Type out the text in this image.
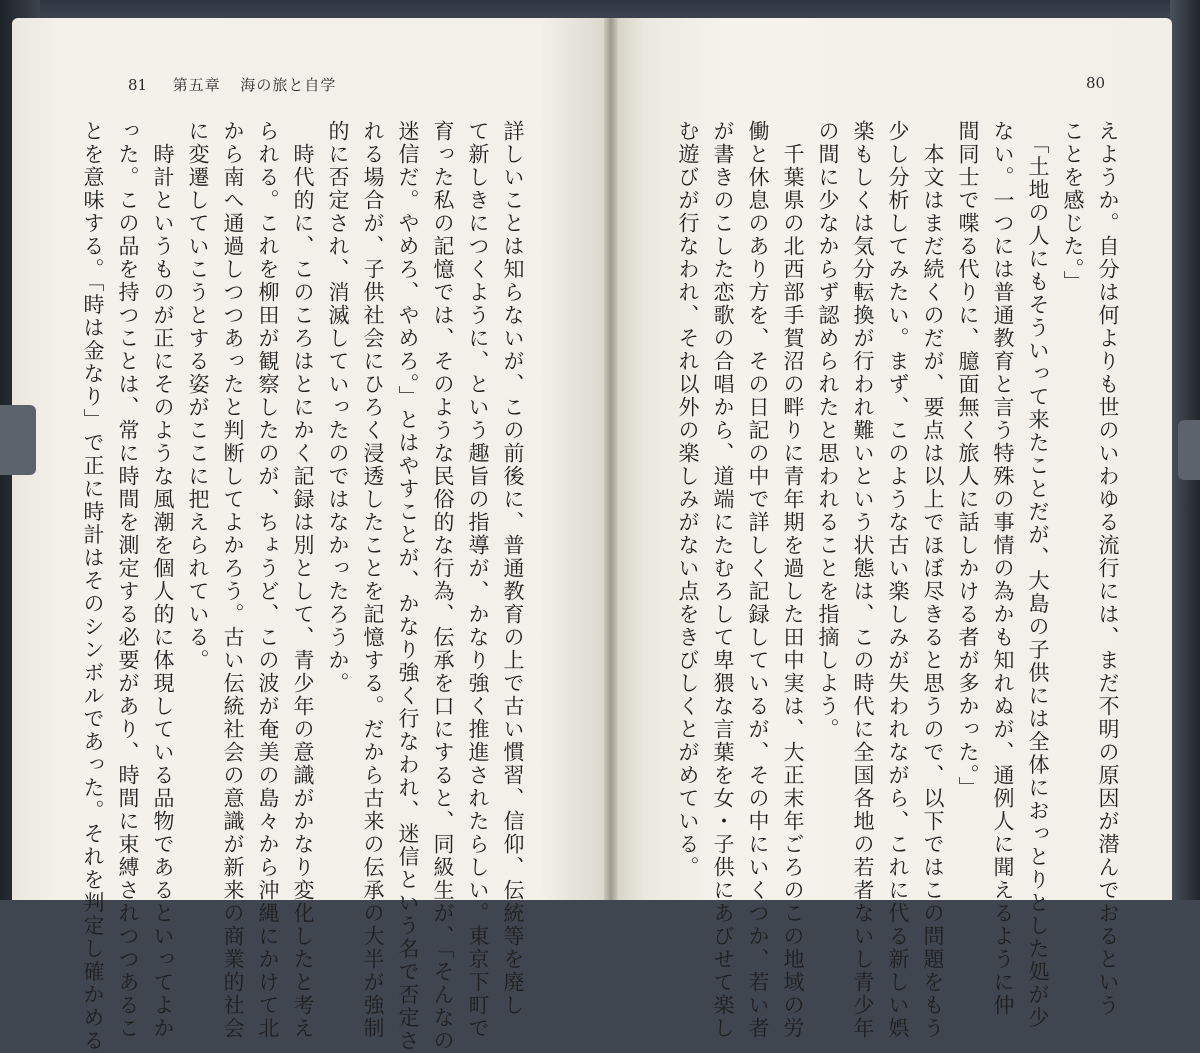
81 第五章 海の旅と自学	80
詳しいことは知らないが、この前後に、普通教育の上で古い慣習、信仰、伝統等を廃し
て新しきにつくように、という趣旨の指導が、かなり強く推進されたらしい。東京下町で
育った私の記憶では、そのような民俗的な行為、伝承を口にすると、同級生が、「そんなの
迷信だ。やめろ、やめろ。」とはやすことが、かなり強く行なわれ、迷信という名で否定さ
れる場合が、子供社会にひろく浸透したことを記憶する。だから古来の伝承の大半が強制
的に否定され、消滅していったのではなかったろうか。
　時代的に、このころはとにかく記録は別として、青少年の意識がかなり変化したと考え
られる。これを柳田が観察したのが、ちょうど、この波が奄美の島々から沖縄にかけて北
から南へ通過しつつあったと判断してよかろう。古い伝統社会の意識が新来の商業的社会
に変遷していこうとする姿がここに把えられている。
　時計というものが正にそのような風潮を個人的に体現している品物であるといってよか
った。この品を持つことは、常に時間を測定する必要があり、時間に束縛されつつあるこ
とを意味する。「時は金なり」で正に時計はそのシンボルであった。それを判定し確かめる	えようか。自分は何よりも世のいわゆる流行には、まだ不明の原因が潜んでおるという
ことを感じた。」
　「土地の人にもそういって来たことだが、大島の子供には全体におっとりとした処が少
ない。一つには普通教育と言う特殊の事情の為かも知れぬが、通例人に聞えるように仲
間同士で喋る代りに、臆面無く旅人に話しかける者が多かった。」
　本文はまだ続くのだが、要点は以上でほぼ尽きると思うので、以下ではこの問題をもう
少し分析してみたい。まず、このような古い楽しみが失われながら、これに代る新しい娯
楽もしくは気分転換が行われ難いという状態は、この時代に全国各地の若者ないし青少年
の間に少なからず認められたと思われることを指摘しよう。
　千葉県の北西部手賀沼の畔りに青年期を過した田中実は、大正末年ごろのこの地域の労
働と休息のあり方を、その日記の中で詳しく記録しているが、その中にいくつか、若い者
が書きのこした恋歌の合唱から、道端にたむろして卑猥な言葉を女・子供にあびせて楽し
む遊びが行なわれ、それ以外の楽しみがない点をきびしくとがめている。
